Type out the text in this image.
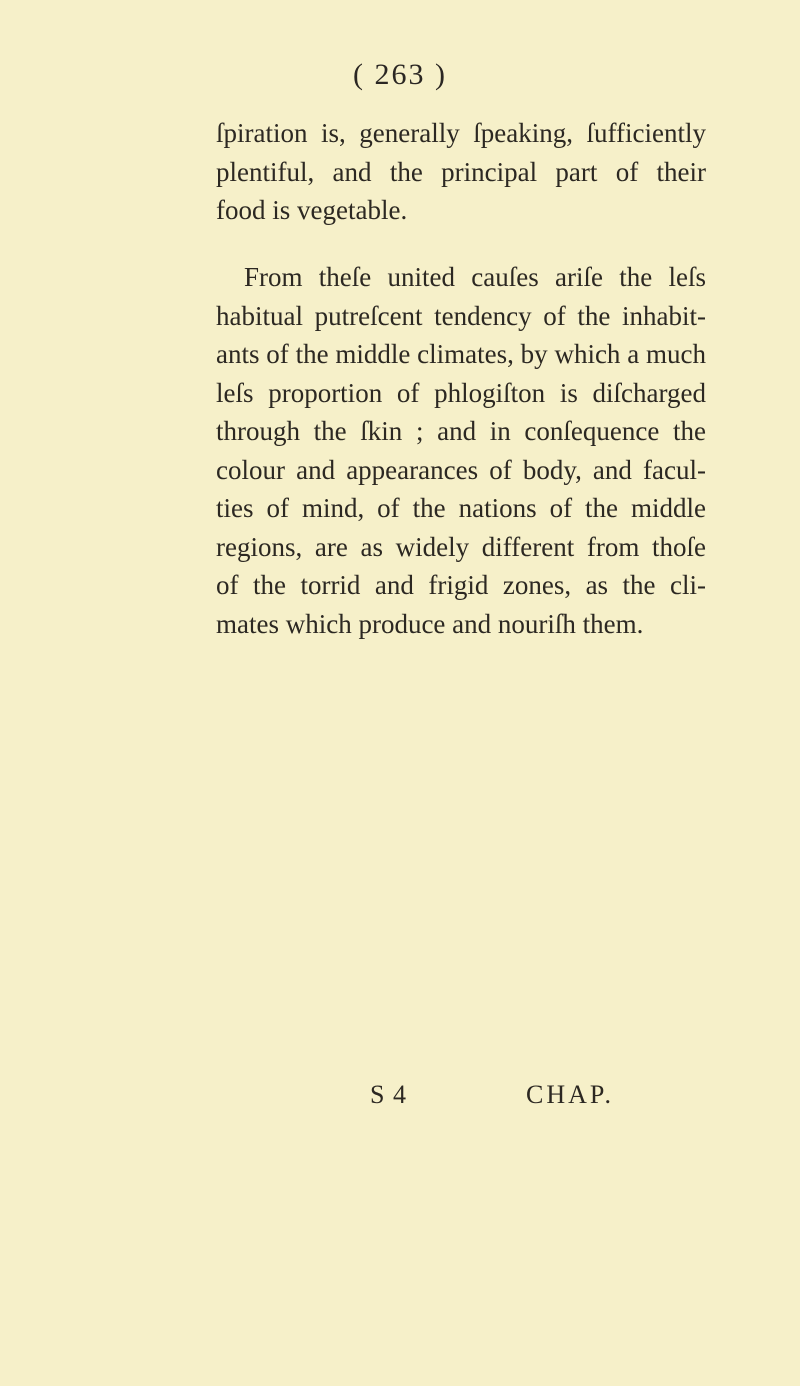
( 263 )
ſpiration is, generally ſpeaking, ſufficiently
plentiful, and the principal part of their
food is vegetable.
From theſe united cauſes ariſe the leſs
habitual putreſcent tendency of the inhabit-
ants of the middle climates, by which a much
leſs proportion of phlogiſton is diſcharged
through the ſkin ; and in conſequence the
colour and appearances of body, and facul-
ties of mind, of the nations of the middle
regions, are as widely different from thoſe
of the torrid and frigid zones, as the cli-
mates which produce and nouriſh them.
S 4	CHAP.
